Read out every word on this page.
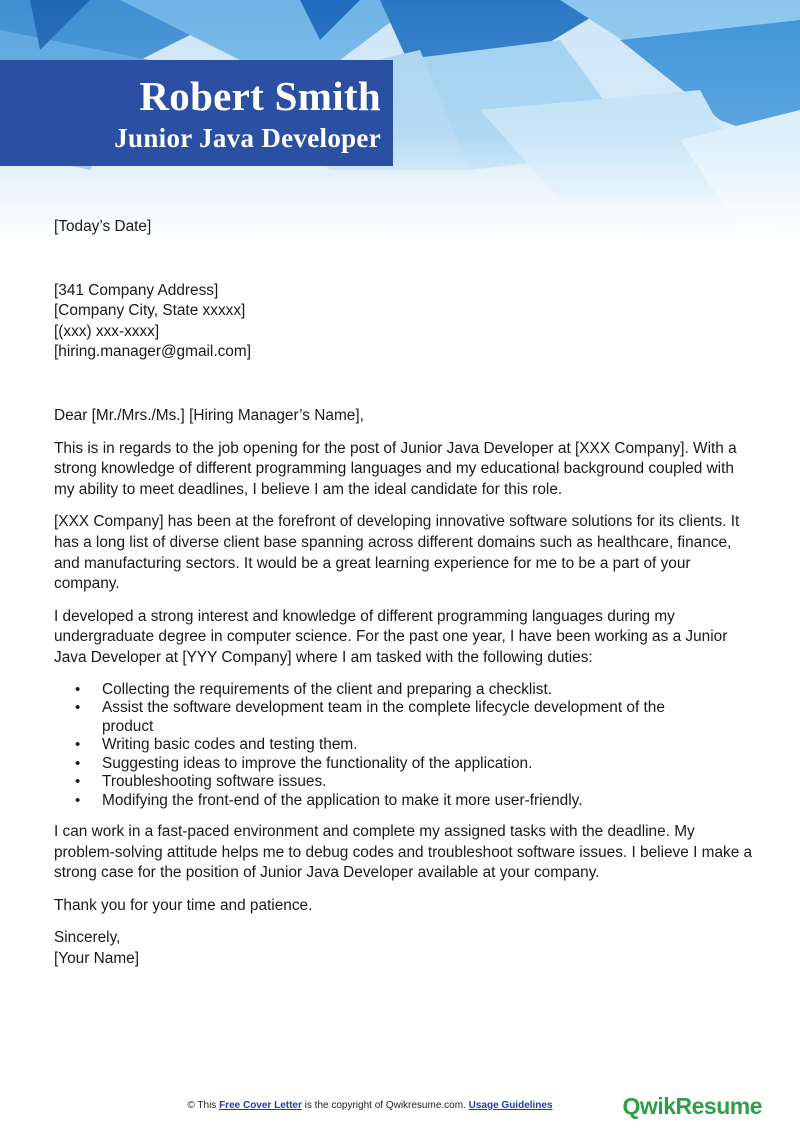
Robert Smith
Junior Java Developer

[Today’s Date]

[341 Company Address]

[Company City, State xxxxx]

[(xxx) xxx-xxxx]

[hiring.manager@gmail.com]

Dear [Mr./Mrs./Ms.] [Hiring Manager’s Name],

This is in regards to the job opening for the post of Junior Java Developer at [XXX Company]. With a strong knowledge of different programming languages and my educational background coupled with my ability to meet deadlines, I believe I am the ideal candidate for this role.

[XXX Company] has been at the forefront of developing innovative software solutions for its clients. It has a long list of diverse client base spanning across different domains such as healthcare, finance, and manufacturing sectors. It would be a great learning experience for me to be a part of your company.

I developed a strong interest and knowledge of different programming languages during my undergraduate degree in computer science. For the past one year, I have been working as a Junior Java Developer at [YYY Company] where I am tasked with the following duties:

• Collecting the requirements of the client and preparing a checklist.
• Assist the software development team in the complete lifecycle development of the product
• Writing basic codes and testing them.
• Suggesting ideas to improve the functionality of the application.
• Troubleshooting software issues.
• Modifying the front-end of the application to make it more user-friendly.

I can work in a fast-paced environment and complete my assigned tasks with the deadline. My problem-solving attitude helps me to debug codes and troubleshoot software issues. I believe I make a strong case for the position of Junior Java Developer available at your company.

Thank you for your time and patience.

Sincerely,

[Your Name]

© This Free Cover Letter is the copyright of Qwikresume.com. Usage Guidelines	QwikResume
